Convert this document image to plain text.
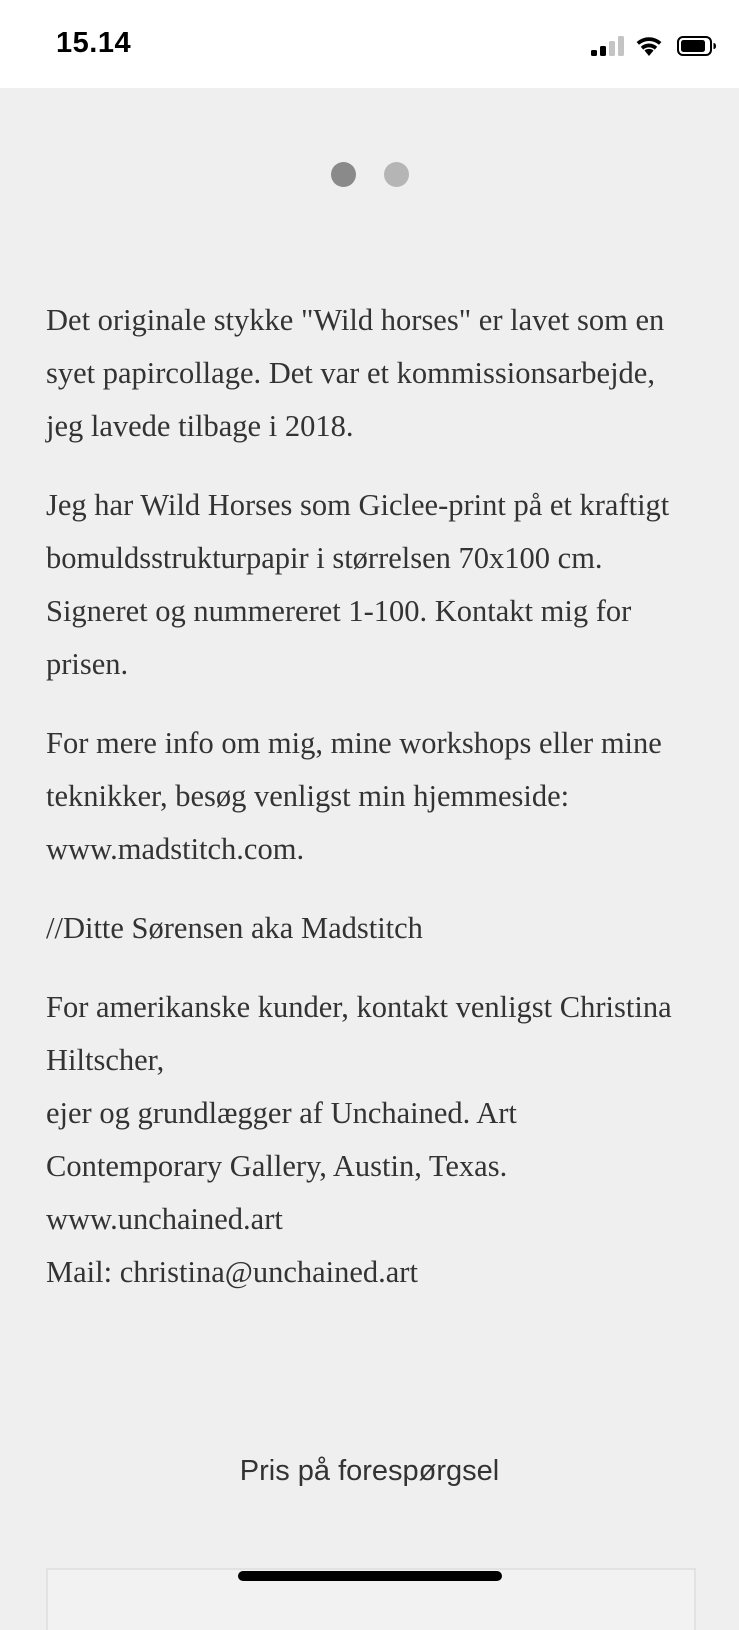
15.14

Det originale stykke "Wild horses" er lavet som en syet papircollage. Det var et kommissionsarbejde, jeg lavede tilbage i 2018.

Jeg har Wild Horses som Giclee-print på et kraftigt bomuldsstrukturpapir i størrelsen 70x100 cm. Signeret og nummereret 1-100. Kontakt mig for prisen.

For mere info om mig, mine workshops eller mine teknikker, besøg venligst min hjemmeside: www.madstitch.com.

//Ditte Sørensen aka Madstitch

For amerikanske kunder, kontakt venligst Christina Hiltscher,
ejer og grundlægger af Unchained. Art Contemporary Gallery, Austin, Texas.
www.unchained.art
Mail: christina@unchained.art
Pris på forespørgsel
